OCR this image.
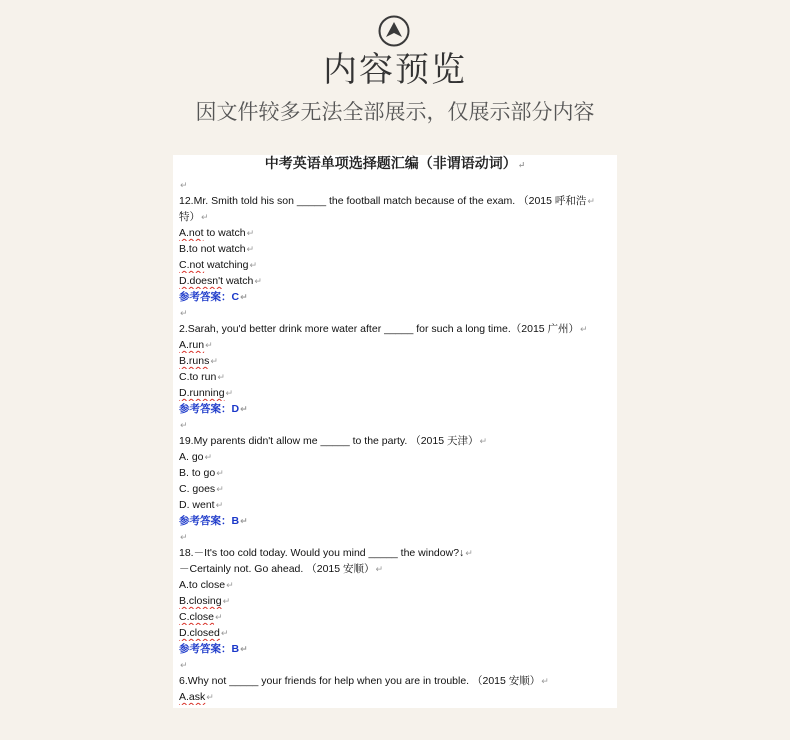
内容预览
因文件较多无法全部展示，仅展示部分内容
中考英语单项选择题汇编（非谓语动词）↵
↵
12.Mr. Smith told his son _____ the football match because of the exam. （2015 呼和浩↵
特）↵
A.not to watch↵
B.to not watch↵
C.not watching↵
D.doesn't watch↵
参考答案：C↵
↵
2.Sarah, you'd better drink more water after _____ for such a long time.（2015 广州）↵
A.run↵
B.runs↵
C.to run↵
D.running↵
参考答案：D↵
↵
19.My parents didn't allow me _____ to the party. （2015 天津）↵
A. go↵
B. to go↵
C. goes↵
D. went↵
参考答案：B↵
↵
18.－It's too cold today. Would you mind _____ the window?↓↵
－Certainly not. Go ahead. （2015 安顺）↵
A.to close↵
B.closing↵
C.close↵
D.closed↵
参考答案：B↵
↵
6.Why not _____ your friends for help when you are in trouble. （2015 安顺）↵
A.ask↵
